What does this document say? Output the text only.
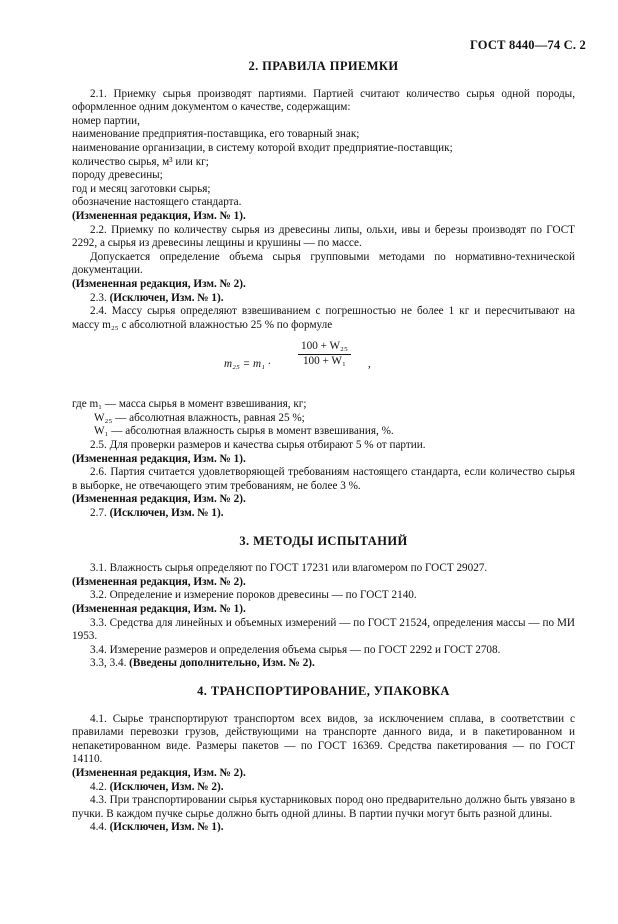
ГОСТ 8440—74 С. 2
2. ПРАВИЛА ПРИЕМКИ

2.1. Приемку сырья производят партиями. Партией считают количество сырья одной породы, оформленное одним документом о качестве, содержащим:

номер партии,

наименование предприятия-поставщика, его товарный знак;

наименование организации, в систему которой входит предприятие-поставщик;

количество сырья, м³ или кг;

породу древесины;

год и месяц заготовки сырья;

обозначение настоящего стандарта.

(Измененная редакция, Изм. № 1).

2.2. Приемку по количеству сырья из древесины липы, ольхи, ивы и березы производят по ГОСТ 2292, а сырья из древесины лещины и крушины — по массе.

Допускается определение объема сырья групповыми методами по нормативно-технической документации.

(Измененная редакция, Изм. № 2).

2.3. (Исключен, Изм. № 1).

2.4. Массу сырья определяют взвешиванием с погрешностью не более 1 кг и пересчитывают на массу m₂₅ с абсолютной влажностью 25 % по формуле

$m_{25} = m_1 \cdot \frac{\text{100 + W₂₅}}{\text{100 + W₁}}$ ,

где m₁ — масса сырья в момент взвешивания, кг;

W₂₅ — абсолютная влажность, равная 25 %;

W₁ — абсолютная влажность сырья в момент взвешивания, %.

2.5. Для проверки размеров и качества сырья отбирают 5 % от партии.

(Измененная редакция, Изм. № 1).

2.6. Партия считается удовлетворяющей требованиям настоящего стандарта, если количество сырья в выборке, не отвечающего этим требованиям, не более 3 %.

(Измененная редакция, Изм. № 2).

2.7. (Исключен, Изм. № 1).

3. МЕТОДЫ ИСПЫТАНИЙ

3.1. Влажность сырья определяют по ГОСТ 17231 или влагомером по ГОСТ 29027.

(Измененная редакция, Изм. № 2).

3.2. Определение и измерение пороков древесины — по ГОСТ 2140.

(Измененная редакция, Изм. № 1).

3.3. Средства для линейных и объемных измерений — по ГОСТ 21524, определения массы — по МИ 1953.

3.4. Измерение размеров и определения объема сырья — по ГОСТ 2292 и ГОСТ 2708.

3.3, 3.4. (Введены дополнительно, Изм. № 2).

4. ТРАНСПОРТИРОВАНИЕ, УПАКОВКА

4.1. Сырье транспортируют транспортом всех видов, за исключением сплава, в соответствии с правилами перевозки грузов, действующими на транспорте данного вида, и в пакетированном и непакетированном виде. Размеры пакетов — по ГОСТ 16369. Средства пакетирования — по ГОСТ 14110.

(Измененная редакция, Изм. № 2).

4.2. (Исключен, Изм. № 2).

4.3. При транспортировании сырья кустарниковых пород оно предварительно должно быть увязано в пучки. В каждом пучке сырье должно быть одной длины. В партии пучки могут быть разной длины.

4.4. (Исключен, Изм. № 1).
